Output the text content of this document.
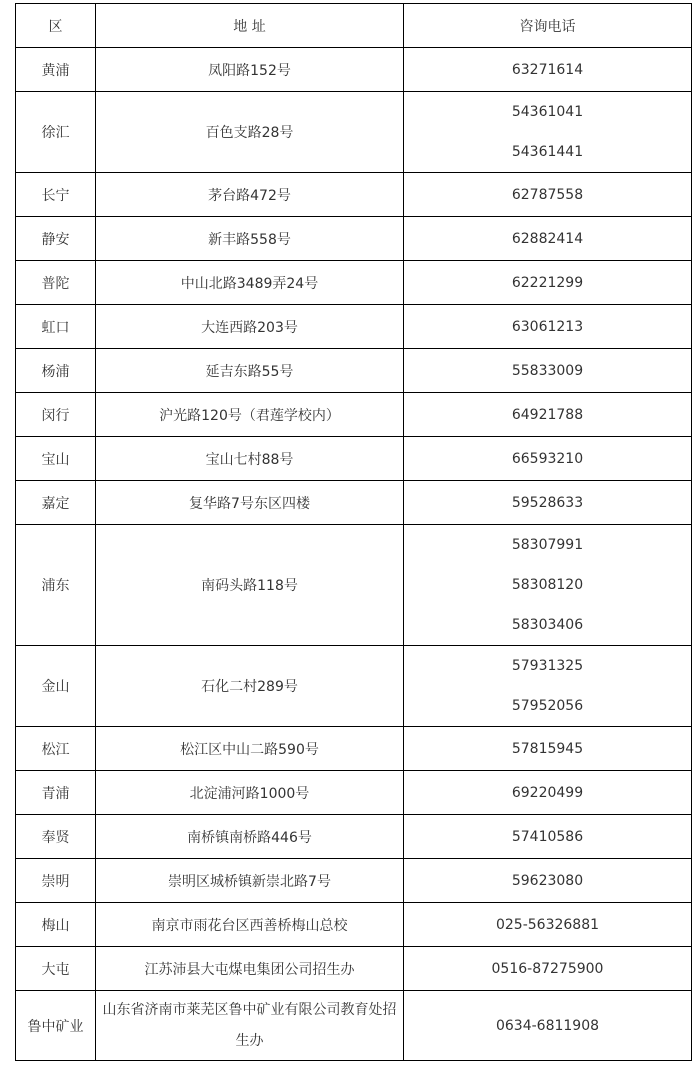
区	地 址	咨询电话
黄浦	凤阳路152号	63271614

徐汇	百色支路28号	54361041
54361441

长宁	茅台路472号	62787558

静安	新丰路558号	62882414

普陀	中山北路3489弄24号	62221299

虹口	大连西路203号	63061213

杨浦	延吉东路55号	55833009

闵行	沪光路120号（君莲学校内）	64921788

宝山	宝山七村88号	66593210

嘉定	复华路7号东区四楼	59528633

浦东	南码头路118号	58307991
58308120
58303406

金山	石化二村289号	57931325
57952056

松江	松江区中山二路590号	57815945

青浦	北淀浦河路1000号	69220499

奉贤	南桥镇南桥路446号	57410586

崇明	崇明区城桥镇新崇北路7号	59623080

梅山	南京市雨花台区西善桥梅山总校	025-56326881

大屯	江苏沛县大屯煤电集团公司招生办	0516-87275900

鲁中矿业	山东省济南市莱芜区鲁中矿业有限公司教育处招生办	0634-6811908
